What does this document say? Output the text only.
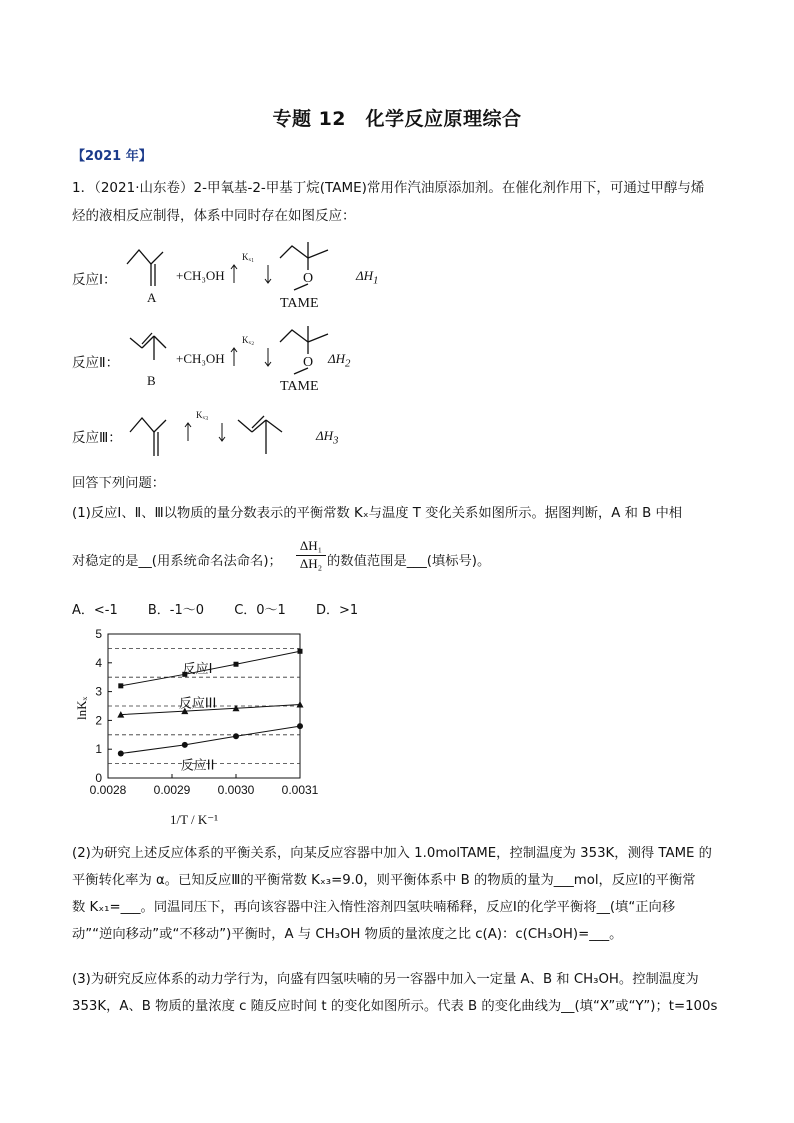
专题 12　化学反应原理综合
【2021 年】
1．（2021·山东卷）2-甲氧基-2-甲基丁烷(TAME)常用作汽油原添加剂。在催化剂作用下，可通过甲醇与烯
烃的液相反应制得，体系中同时存在如图反应：
反应Ⅰ：
A
+CH₃OH
Kₓ₁
O
TAME
$\Delta H_1$
反应Ⅱ：
B
+CH₃OH
Kₓ₂
O
TAME
$\Delta H_2$
反应Ⅲ：
Kₓ₃
$\Delta H_3$
回答下列问题：
(1)反应Ⅰ、Ⅱ、Ⅲ以物质的量分数表示的平衡常数 Kₓ与温度 T 变化关系如图所示。据图判断，A 和 B 中相
对稳定的是__(用系统命名法命名)； $\frac{\text{ΔH₁}}{\text{ΔH₂}}$ 的数值范围是___(填标号)。
A．<-1 B．-1～0 C．0～1 D．>1
0
1
2
3
4
5
0.0028 0.0029 0.0030 0.0031
lnKₓ
1/T / K⁻¹
反应I
反应III
反应II
(2)为研究上述反应体系的平衡关系，向某反应容器中加入 1.0molTAME，控制温度为 353K，测得 TAME 的
平衡转化率为 α。已知反应Ⅲ的平衡常数 Kₓ₃=9.0，则平衡体系中 B 的物质的量为___mol，反应Ⅰ的平衡常
数 Kₓ₁=___。同温同压下，再向该容器中注入惰性溶剂四氢呋喃稀释，反应Ⅰ的化学平衡将__(填“正向移
动”“逆向移动”或“不移动”)平衡时，A 与 CH₃OH 物质的量浓度之比 c(A)：c(CH₃OH)=___。
(3)为研究反应体系的动力学行为，向盛有四氢呋喃的另一容器中加入一定量 A、B 和 CH₃OH。控制温度为
353K，A、B 物质的量浓度 c 随反应时间 t 的变化如图所示。代表 B 的变化曲线为__(填“X”或“Y”)；t=100s
